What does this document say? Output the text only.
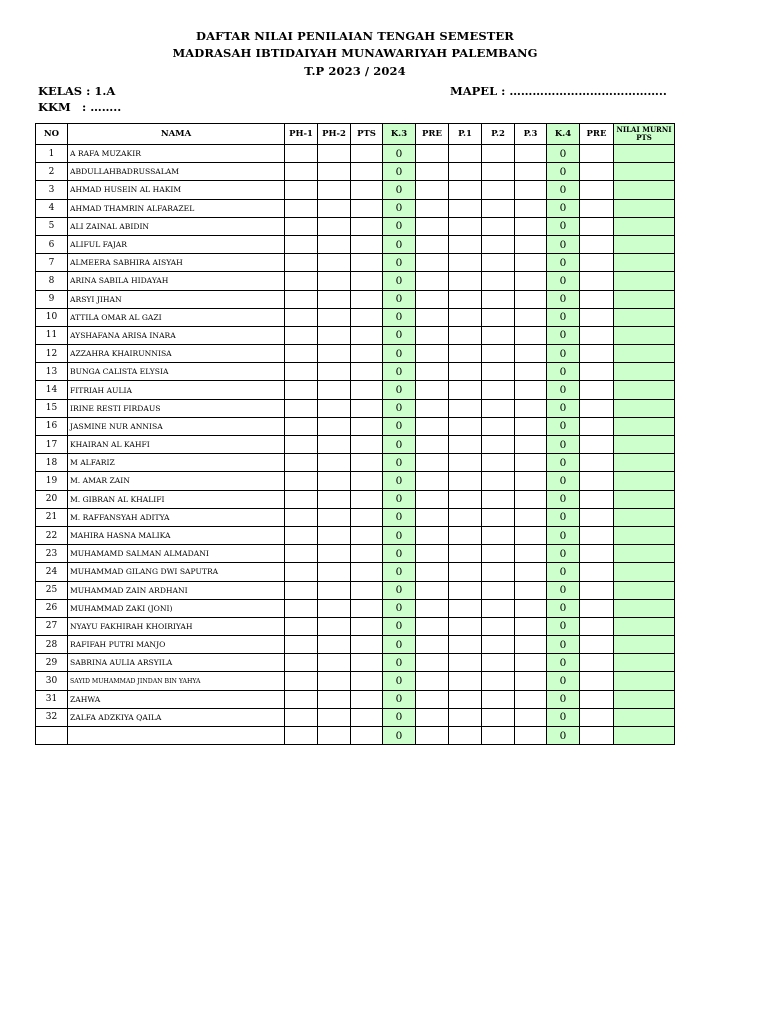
DAFTAR NILAI PENILAIAN TENGAH SEMESTER
MADRASAH IBTIDAIYAH MUNAWARIYAH PALEMBANG
T.P 2023 / 2024
KELAS : 1.A
KKM : ……..
MAPEL : …………………………………..
NO	NAMA	PH-1	PH-2	PTS	K.3	PRE	P.1	P.2	P.3	K.4	PRE	NILAI MURNI PTS
1	A RAFA MUZAKIR				0					0		
2	ABDULLAHBADRUSSALAM				0					0		
3	AHMAD HUSEIN AL HAKIM				0					0		
4	AHMAD THAMRIN ALFARAZEL				0					0		
5	ALI ZAINAL ABIDIN				0					0		
6	ALIFUL FAJAR				0					0		
7	ALMEERA SABHIRA AISYAH				0					0		
8	ARINA SABILA HIDAYAH				0					0		
9	ARSYI JIHAN				0					0		
10	ATTILA OMAR AL GAZI				0					0		
11	AYSHAFANA ARISA INARA				0					0		
12	AZZAHRA KHAIRUNNISA				0					0		
13	BUNGA CALISTA ELYSIA				0					0		
14	FITRIAH AULIA				0					0		
15	IRINE RESTI FIRDAUS				0					0		
16	JASMINE NUR ANNISA				0					0		
17	KHAIRAN AL KAHFI				0					0		
18	M ALFARIZ				0					0		
19	M. AMAR ZAIN				0					0		
20	M. GIBRAN AL KHALIFI				0					0		
21	M. RAFFANSYAH ADITYA				0					0		
22	MAHIRA HASNA MALIKA				0					0		
23	MUHAMAMD SALMAN ALMADANI				0					0		
24	MUHAMMAD GILANG DWI SAPUTRA				0					0		
25	MUHAMMAD ZAIN ARDHANI				0					0		
26	MUHAMMAD ZAKI (JONI)				0					0		
27	NYAYU FAKHIRAH KHOIRIYAH				0					0		
28	RAFIFAH PUTRI MANJO				0					0		
29	SABRINA AULIA ARSYILA				0					0		
30	SAYID MUHAMMAD JINDAN BIN YAHYA				0					0		
31	ZAHWA				0					0		
32	ZALFA ADZKIYA QAILA				0					0		
					0					0		
